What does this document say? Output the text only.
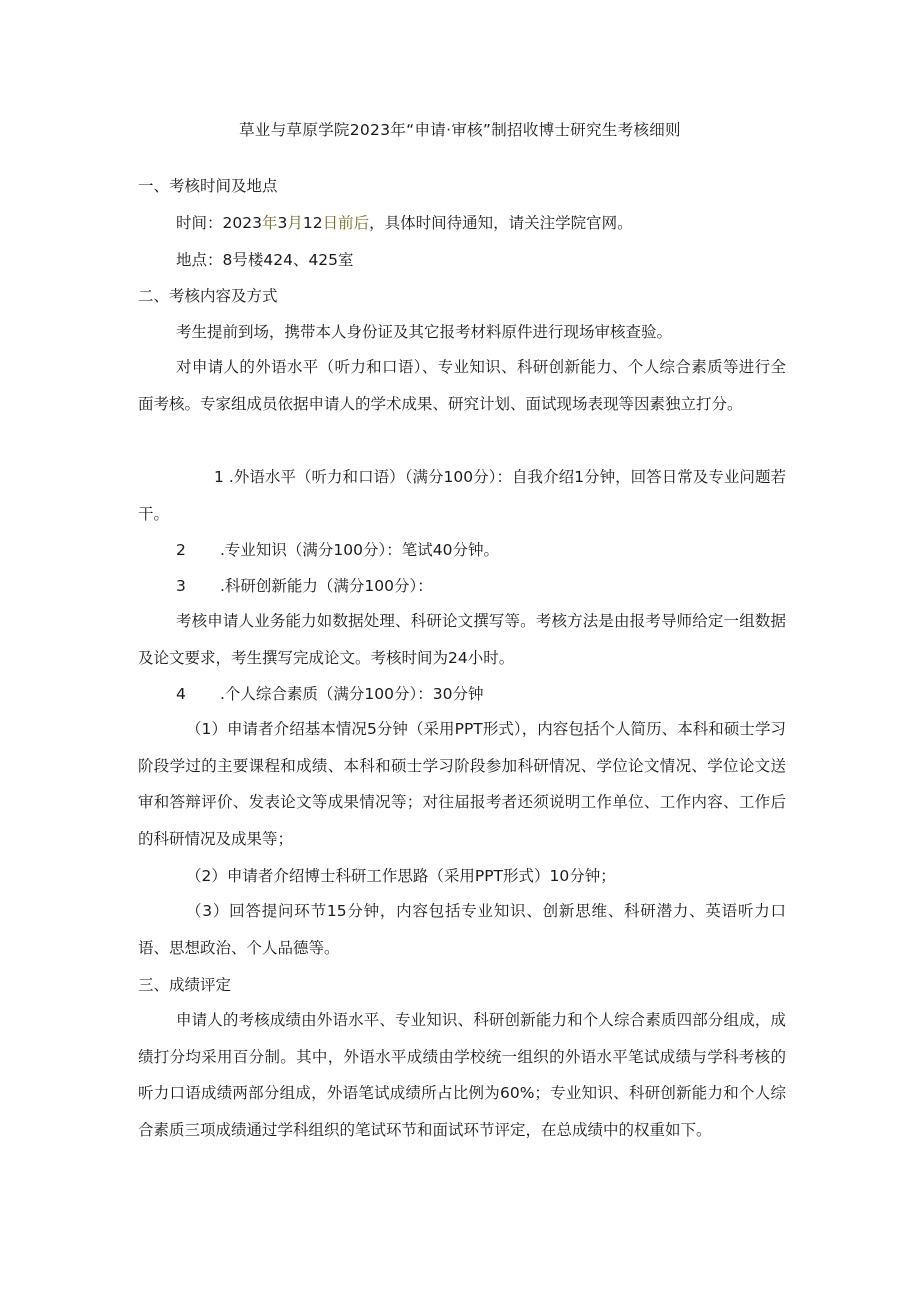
草业与草原学院2023年“申请·审核”制招收博士研究生考核细则
一、考核时间及地点
时间：2023年3月12日前后，具体时间待通知，请关注学院官网。
地点：8号楼424、425室
二、考核内容及方式
考生提前到场，携带本人身份证及其它报考材料原件进行现场审核查验。
对申请人的外语水平（听力和口语）、专业知识、科研创新能力、个人综合素质等进行全面考核。专家组成员依据申请人的学术成果、研究计划、面试现场表现等因素独立打分。
1 .外语水平（听力和口语）（满分100分）：自我介绍1分钟，回答日常及专业问题若干。
2 .专业知识（满分100分）：笔试40分钟。
3 .科研创新能力（满分100分）：
考核申请人业务能力如数据处理、科研论文撰写等。考核方法是由报考导师给定一组数据及论文要求，考生撰写完成论文。考核时间为24小时。
4 .个人综合素质（满分100分）：30分钟
（1）申请者介绍基本情况5分钟（采用PPT形式），内容包括个人简历、本科和硕士学习阶段学过的主要课程和成绩、本科和硕士学习阶段参加科研情况、学位论文情况、学位论文送审和答辩评价、发表论文等成果情况等；对往届报考者还须说明工作单位、工作内容、工作后的科研情况及成果等；
（2）申请者介绍博士科研工作思路（采用PPT形式）10分钟；
（3）回答提问环节15分钟，内容包括专业知识、创新思维、科研潜力、英语听力口语、思想政治、个人品德等。
三、成绩评定
申请人的考核成绩由外语水平、专业知识、科研创新能力和个人综合素质四部分组成，成绩打分均采用百分制。其中，外语水平成绩由学校统一组织的外语水平笔试成绩与学科考核的听力口语成绩两部分组成，外语笔试成绩所占比例为60%；专业知识、科研创新能力和个人综合素质三项成绩通过学科组织的笔试环节和面试环节评定，在总成绩中的权重如下。
